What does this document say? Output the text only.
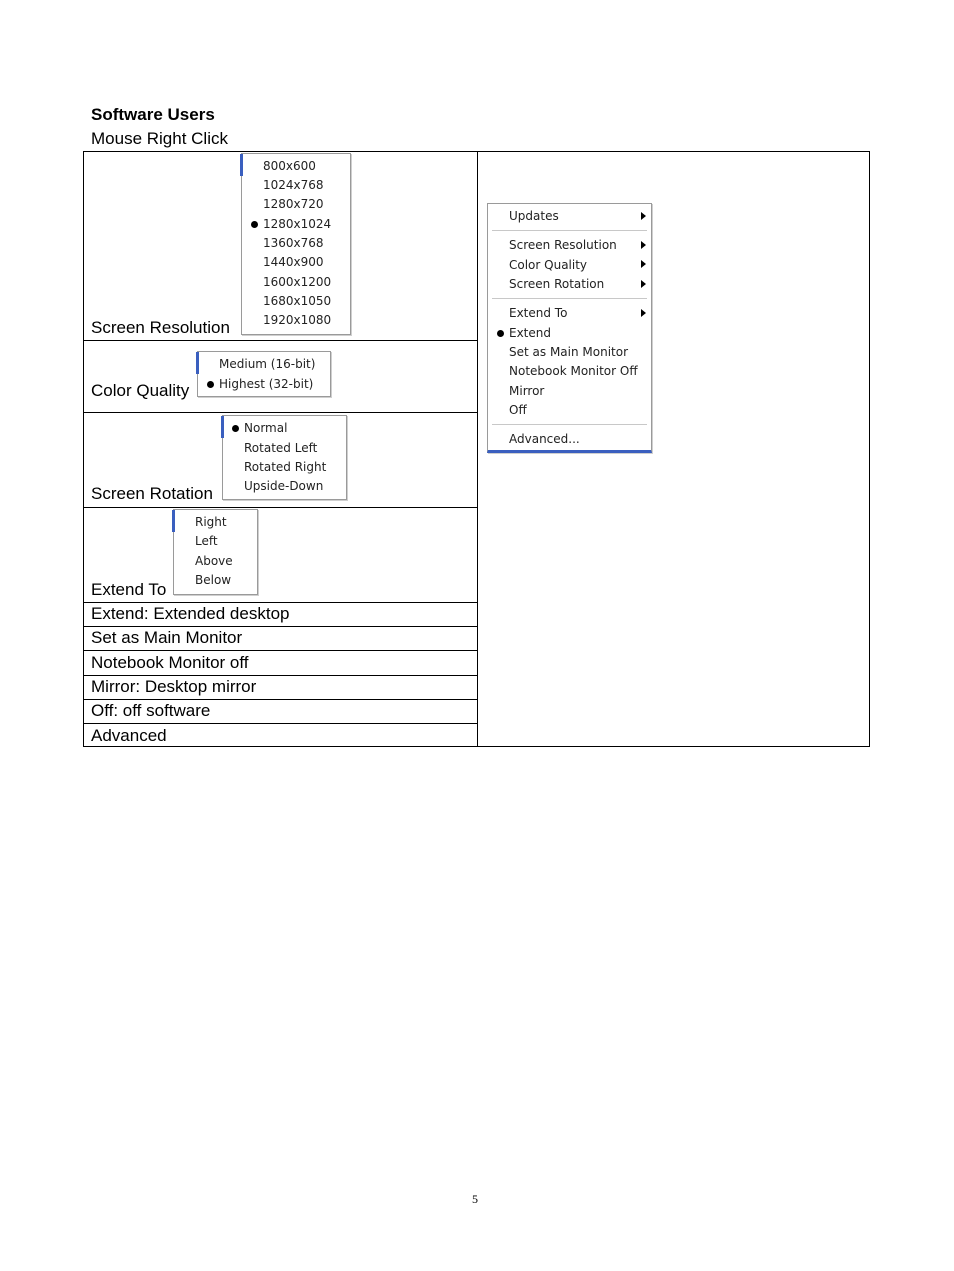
Software Users
Mouse Right Click
Screen Resolution
Color Quality
Screen Rotation
Extend To
Extend: Extended desktop
Set as Main Monitor
Notebook Monitor off
Mirror: Desktop mirror
Off: off software
Advanced
800x600
1024x768
1280x720
1280x1024
1360x768
1440x900
1600x1200
1680x1050
1920x1080
Medium (16-bit)
Highest (32-bit)
Normal
Rotated Left
Rotated Right
Upside-Down
Right
Left
Above
Below
Updates
Screen Resolution
Color Quality
Screen Rotation
Extend To
Extend
Set as Main Monitor
Notebook Monitor Off
Mirror
Off
Advanced...
5
